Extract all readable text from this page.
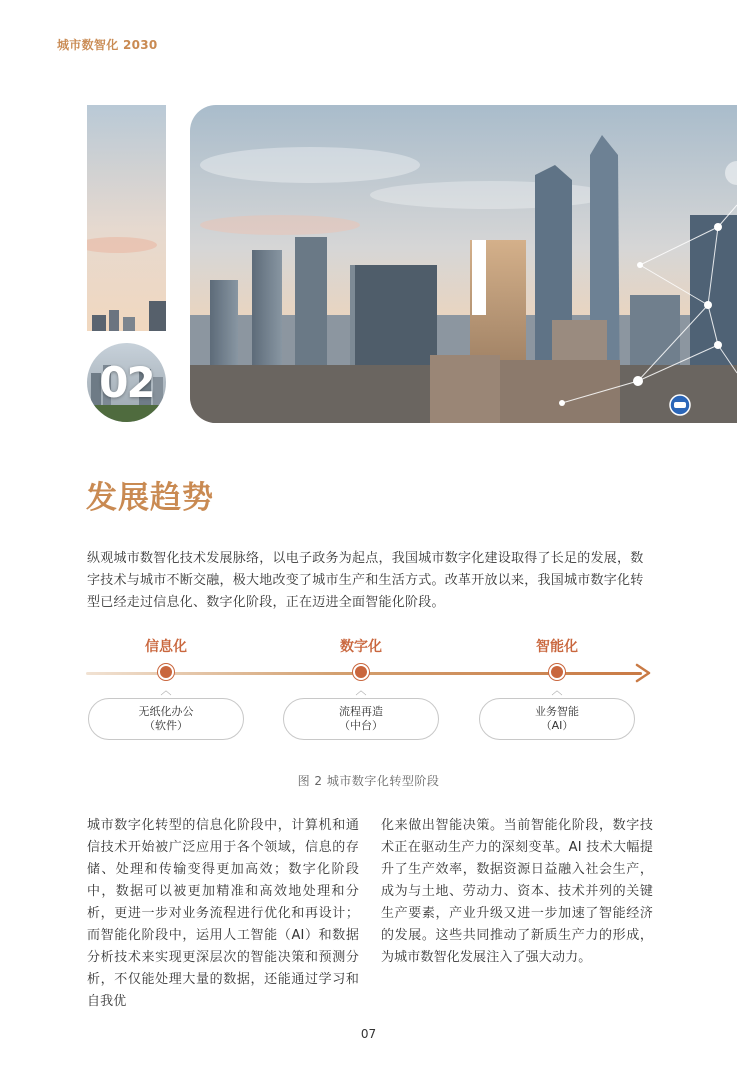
城市数智化 2030
02
发展趋势

纵观城市数智化技术发展脉络，以电子政务为起点，我国城市数字化建设取得了长足的发展，数字技术与城市不断交融，极大地改变了城市生产和生活方式。改革开放以来，我国城市数字化转型已经走过信息化、数字化阶段，正在迈进全面智能化阶段。

信息化
︿
无纸化办公
（软件）
数字化
︿
流程再造
（中台）
智能化
︿
业务智能
（AI）
图 2 城市数字化转型阶段

城市数字化转型的信息化阶段中，计算机和通信技术开始被广泛应用于各个领域，信息的存储、处理和传输变得更加高效；数字化阶段中，数据可以被更加精准和高效地处理和分析，更进一步对业务流程进行优化和再设计；而智能化阶段中，运用人工智能（AI）和数据分析技术来实现更深层次的智能决策和预测分析，不仅能处理大量的数据，还能通过学习和自我优

化来做出智能决策。当前智能化阶段，数字技术正在驱动生产力的深刻变革。AI 技术大幅提升了生产效率，数据资源日益融入社会生产，成为与土地、劳动力、资本、技术并列的关键生产要素，产业升级又进一步加速了智能经济的发展。这些共同推动了新质生产力的形成，为城市数智化发展注入了强大动力。

07
